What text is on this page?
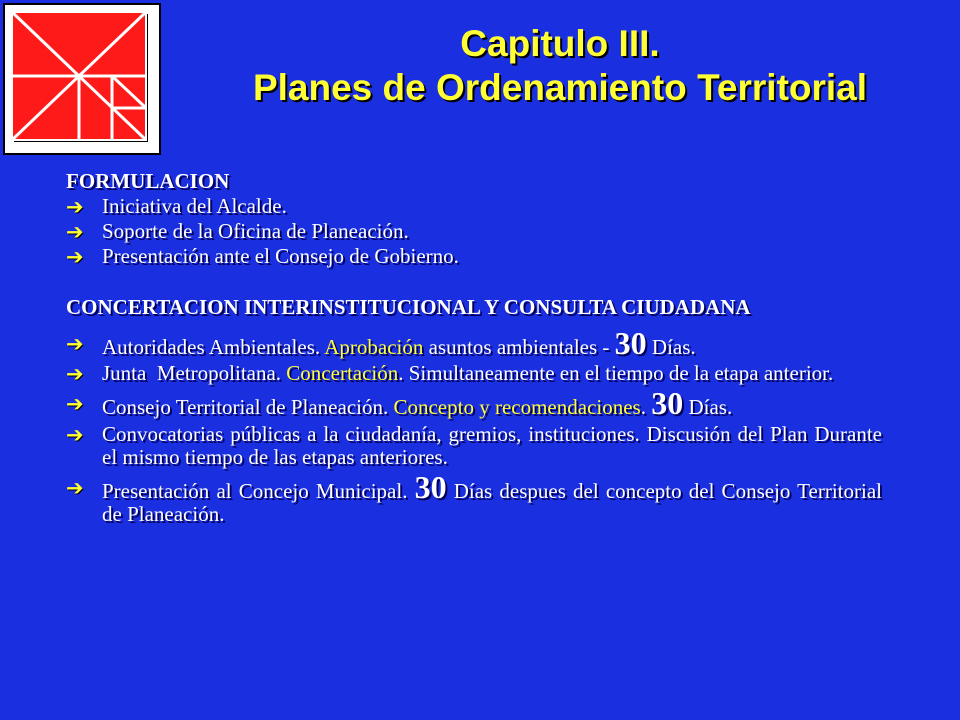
Capitulo III.
Planes de Ordenamiento Territorial

FORMULACION

➔ Iniciativa del Alcalde.
➔ Soporte de la Oficina de Planeación.
➔ Presentación ante el Consejo de Gobierno.

CONCERTACION INTERINSTITUCIONAL Y CONSULTA CIUDADANA

➔ Autoridades Ambientales. Aprobación asuntos ambientales - 30 Días.
➔ Junta  Metropolitana. Concertación. Simultaneamente en el tiempo de la etapa anterior.
➔ Consejo Territorial de Planeación. Concepto y recomendaciones. 30 Días.
➔ Convocatorias públicas a la ciudadanía, gremios, instituciones. Discusión del Plan Durante el mismo tiempo de las etapas anteriores.
➔ Presentación al Concejo Municipal. 30 Días despues del concepto del Consejo Territorial de Planeación.
